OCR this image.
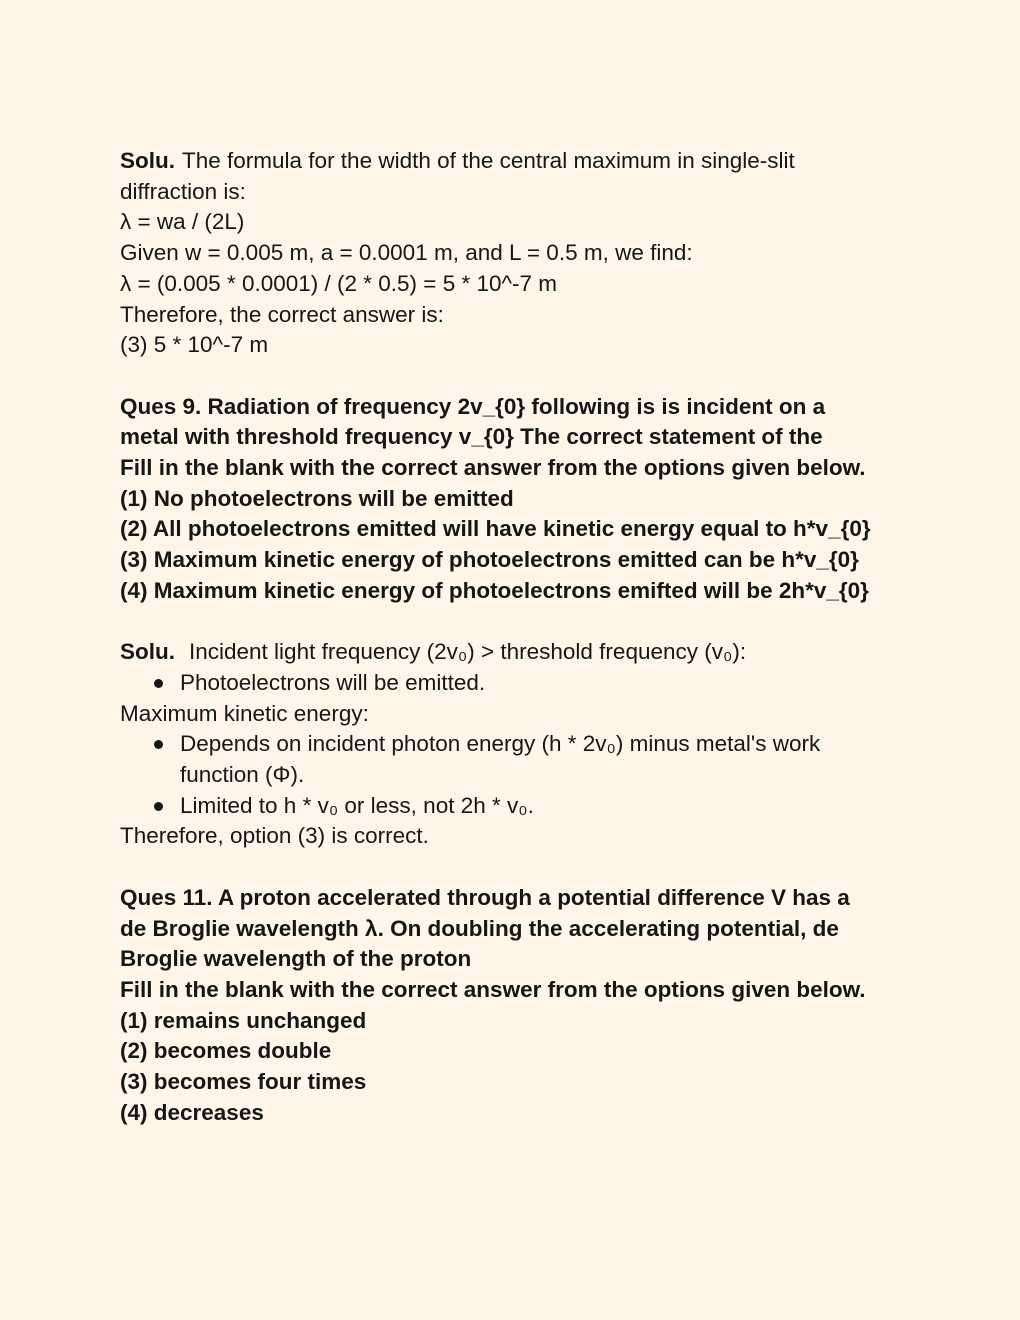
Solu. The formula for the width of the central maximum in single-slit

diffraction is:

λ = wa / (2L)

Given w = 0.005 m, a = 0.0001 m, and L = 0.5 m, we find:

λ = (0.005 * 0.0001) / (2 * 0.5) = 5 * 10^-7 m

Therefore, the correct answer is:

(3) 5 * 10^-7 m

Ques 9. Radiation of frequency 2v_{0} following is is incident on a

metal with threshold frequency v_{0} The correct statement of the

Fill in the blank with the correct answer from the options given below.

(1) No photoelectrons will be emitted

(2) All photoelectrons emitted will have kinetic energy equal to h*v_{0}

(3) Maximum kinetic energy of photoelectrons emitted can be h*v_{0}

(4) Maximum kinetic energy of photoelectrons emifted will be 2h*v_{0}

Solu. Incident light frequency (2v₀) > threshold frequency (v₀):

Photoelectrons will be emitted.

Maximum kinetic energy:

Depends on incident photon energy (h * 2v₀) minus metal's work

function (Φ).

Limited to h * v₀ or less, not 2h * v₀.

Therefore, option (3) is correct.

Ques 11. A proton accelerated through a potential difference V has a

de Broglie wavelength λ. On doubling the accelerating potential, de

Broglie wavelength of the proton

Fill in the blank with the correct answer from the options given below.

(1) remains unchanged

(2) becomes double

(3) becomes four times

(4) decreases
